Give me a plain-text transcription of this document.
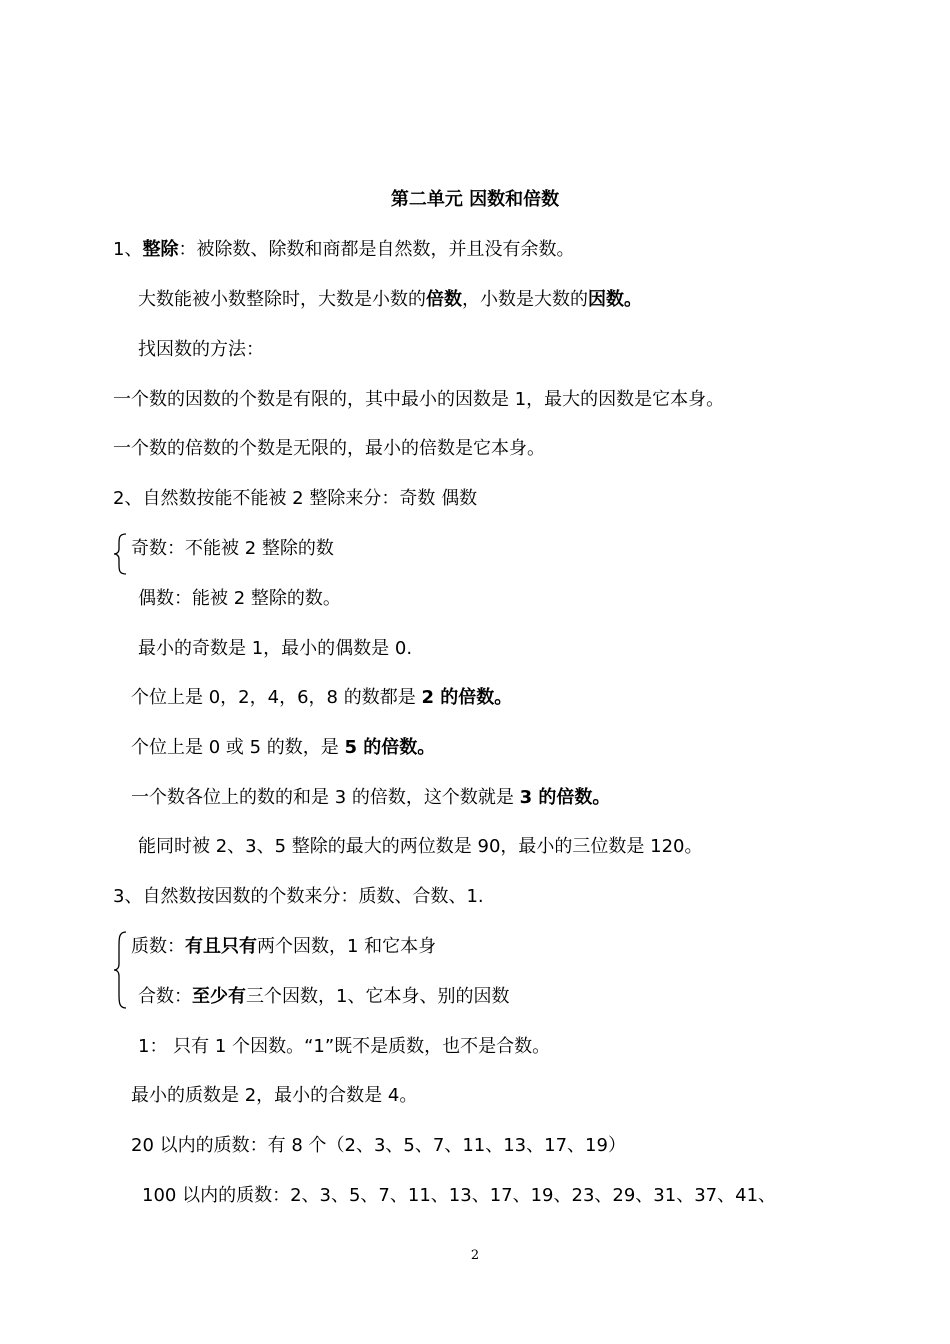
第二单元 因数和倍数
1、整除：被除数、除数和商都是自然数，并且没有余数。
大数能被小数整除时，大数是小数的倍数，小数是大数的因数。
找因数的方法：
一个数的因数的个数是有限的，其中最小的因数是 1，最大的因数是它本身。
一个数的倍数的个数是无限的，最小的倍数是它本身。
2、自然数按能不能被 2 整除来分：奇数 偶数
奇数：不能被 2 整除的数
偶数：能被 2 整除的数。
最小的奇数是 1，最小的偶数是 0.
个位上是 0，2，4，6，8 的数都是 2 的倍数。
个位上是 0 或 5 的数，是 5 的倍数。
一个数各位上的数的和是 3 的倍数，这个数就是 3 的倍数。
能同时被 2、3、5 整除的最大的两位数是 90，最小的三位数是 120。
3、自然数按因数的个数来分：质数、合数、1.
质数：有且只有两个因数，1 和它本身
合数：至少有三个因数，1、它本身、别的因数
1： 只有 1 个因数。“1”既不是质数，也不是合数。
最小的质数是 2，最小的合数是 4。
20 以内的质数：有 8 个（2、3、5、7、11、13、17、19）
100 以内的质数：2、3、5、7、11、13、17、19、23、29、31、37、41、
2
